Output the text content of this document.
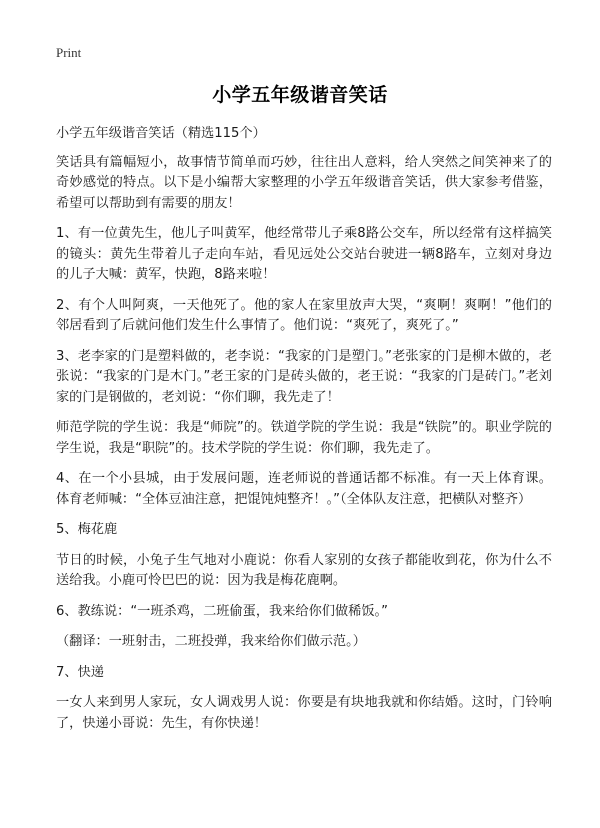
Print
小学五年级谐音笑话

小学五年级谐音笑话（精选115个）

笑话具有篇幅短小，故事情节简单而巧妙，往往出人意料，给人突然之间笑神来了的奇妙感觉的特点。以下是小编帮大家整理的小学五年级谐音笑话，供大家参考借鉴，希望可以帮助到有需要的朋友！

1、有一位黄先生，他儿子叫黄军，他经常带儿子乘8路公交车，所以经常有这样搞笑的镜头：黄先生带着儿子走向车站，看见远处公交站台驶进一辆8路车，立刻对身边的儿子大喊：黄军，快跑，8路来啦！

2、有个人叫阿爽，一天他死了。他的家人在家里放声大哭，“爽啊！爽啊！”他们的邻居看到了后就问他们发生什么事情了。他们说：“爽死了，爽死了。”

3、老李家的门是塑料做的，老李说：“我家的门是塑门。”老张家的门是柳木做的，老张说：“我家的门是木门。”老王家的门是砖头做的，老王说：“我家的门是砖门。”老刘家的门是钢做的，老刘说：“你们聊，我先走了！

师范学院的学生说：我是“师院”的。铁道学院的学生说：我是“铁院”的。职业学院的学生说，我是“职院”的。技术学院的学生说：你们聊，我先走了。

4、在一个小县城，由于发展问题，连老师说的普通话都不标准。有一天上体育课。体育老师喊：“全体豆油注意，把馄饨炖整齐！。”（全体队友注意，把横队对整齐）

5、梅花鹿

节日的时候，小兔子生气地对小鹿说：你看人家别的女孩子都能收到花，你为什么不送给我。小鹿可怜巴巴的说：因为我是梅花鹿啊。

6、教练说：“一班杀鸡，二班偷蛋，我来给你们做稀饭。”

（翻译：一班射击，二班投弹，我来给你们做示范。）

7、快递

一女人来到男人家玩，女人调戏男人说：你要是有块地我就和你结婚。这时，门铃响了，快递小哥说：先生，有你快递！
